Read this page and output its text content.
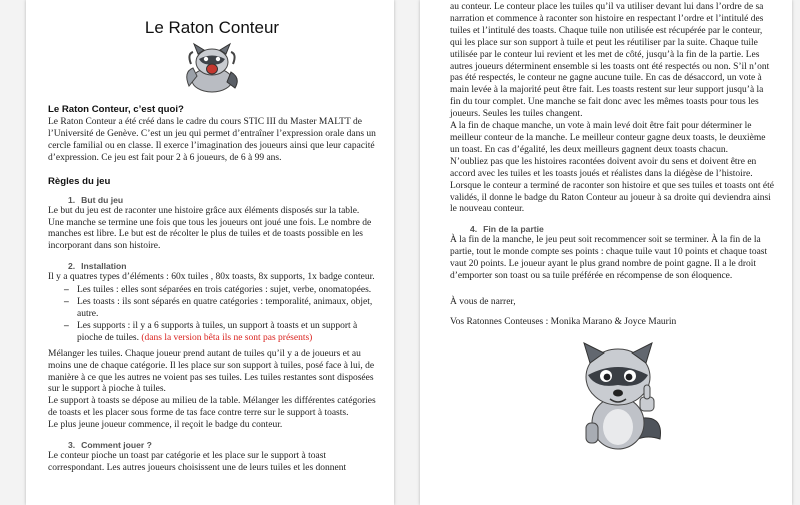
Le Raton Conteur
Le Raton Conteur, c’est quoi?

Le Raton Conteur a été créé dans le cadre du cours STIC III du Master MALTT de l’Université de Genève. C’est un jeu qui permet d’entraîner l’expression orale dans un cercle familial ou en classe. Il exerce l’imagination des joueurs ainsi que leur capacité d’expression. Ce jeu est fait pour 2 à 6 joueurs, de 6 à 99 ans.

Règles du jeu
1. But du jeu

Le but du jeu est de raconter une histoire grâce aux éléments disposés sur la table. Une manche se termine une fois que tous les joueurs ont joué une fois. Le nombre de manches est libre. Le but est de récolter le plus de tuiles et de toasts possible en les incorporant dans son histoire.

2. Installation

Il y a quatres types d’éléments : 60x tuiles , 80x toasts, 8x supports, 1x badge conteur.

– Les tuiles : elles sont séparées en trois catégories : sujet, verbe, onomatopées.
– Les toasts : ils sont séparés en quatre catégories : temporalité, animaux, objet, autre.
– Les supports : il y a 6 supports à tuiles, un support à toasts et un support à pioche de tuiles. (dans la version bêta ils ne sont pas présents)

Mélanger les tuiles. Chaque joueur prend autant de tuiles qu’il y a de joueurs et au moins une de chaque catégorie. Il les place sur son support à tuiles, posé face à lui, de manière à ce que les autres ne voient pas ses tuiles. Les tuiles restantes sont disposées sur le support à pioche à tuiles.

Le support à toasts se dépose au milieu de la table. Mélanger les différentes catégories de toasts et les placer sous forme de tas face contre terre sur le support à toasts.

Le plus jeune joueur commence, il reçoit le badge du conteur.

3. Comment jouer ?

Le conteur pioche un toast par catégorie et les place sur le support à toast correspondant. Les autres joueurs choisissent une de leurs tuiles et les donnent

au conteur. Le conteur place les tuiles qu’il va utiliser devant lui dans l’ordre de sa narration et commence à raconter son histoire en respectant l’ordre et l’intitulé des tuiles et l’intitulé des toasts. Chaque tuile non utilisée est récupérée par le conteur, qui les place sur son support à tuile et peut les réutiliser par la suite. Chaque tuile utilisée par le conteur lui revient et les met de côté, jusqu’à la fin de la partie. Les autres joueurs déterminent ensemble si les toasts ont été respectés ou non. S’il n’ont pas été respectés, le conteur ne gagne aucune tuile. En cas de désaccord, un vote à main levée à la majorité peut être fait. Les toasts restent sur leur support jusqu’à la fin du tour complet. Une manche se fait donc avec les mêmes toasts pour tous les joueurs. Seules les tuiles changent.

A la fin de chaque manche, un vote à main levé doit être fait pour déterminer le meilleur conteur de la manche. Le meilleur conteur gagne deux toasts, le deuxième un toast. En cas d’égalité, les deux meilleurs gagnent deux toasts chacun.

N’oubliez pas que les histoires racontées doivent avoir du sens et doivent être en accord avec les tuiles et les toasts joués et réalistes dans la diégèse de l’histoire.

Lorsque le conteur a terminé de raconter son histoire et que ses tuiles et toasts ont été validés, il donne le badge du Raton Conteur au joueur à sa droite qui deviendra ainsi le nouveau conteur.

4. Fin de la partie

À la fin de la manche, le jeu peut soit recommencer soit se terminer. À la fin de la partie, tout le monde compte ses points : chaque tuile vaut 10 points et chaque toast vaut 20 points. Le joueur ayant le plus grand nombre de point gagne. Il a le droit d’emporter son toast ou sa tuile préférée en récompense de son éloquence.

À vous de narrer,

Vos Ratonnes Conteuses : Monika Marano & Joyce Maurin
